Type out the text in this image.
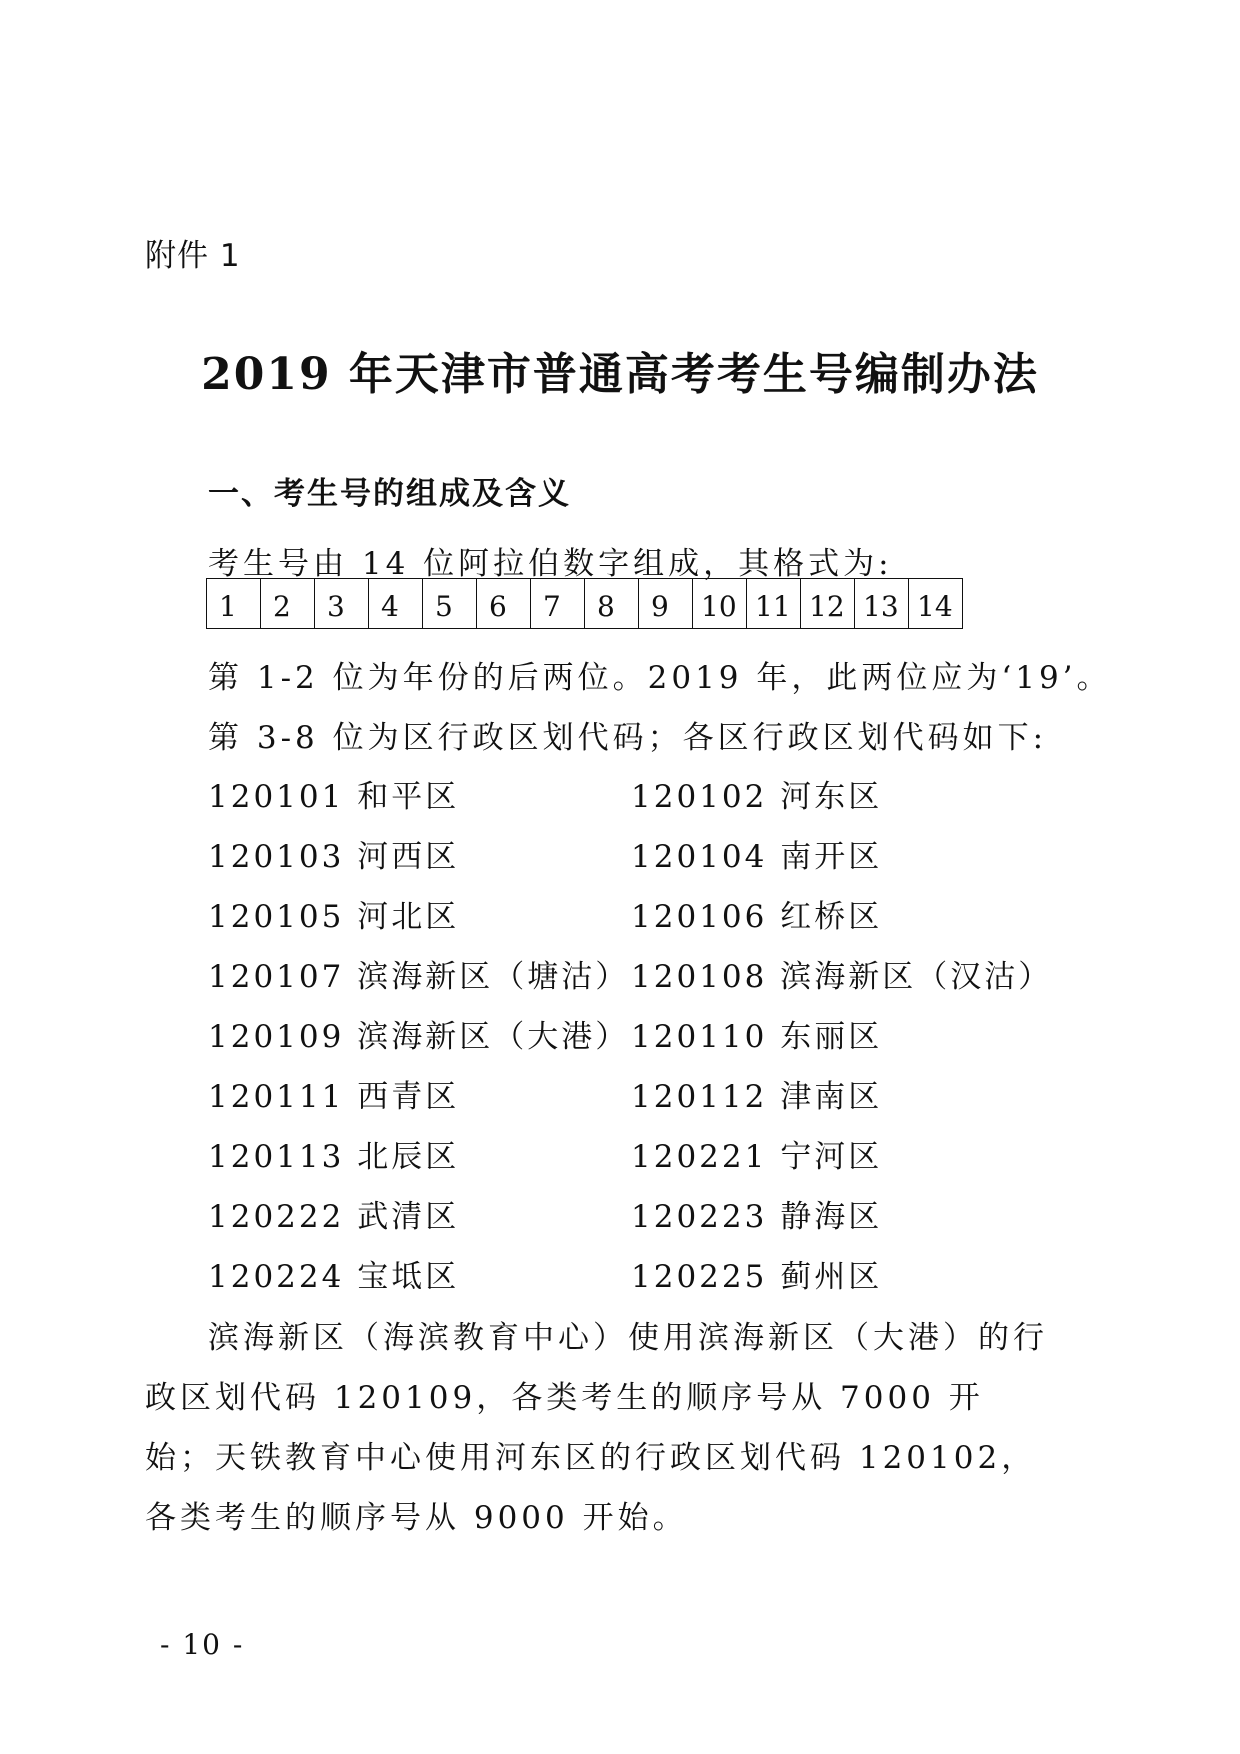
附件 1
2019 年天津市普通高考考生号编制办法
一、考生号的组成及含义
考生号由 14 位阿拉伯数字组成，其格式为:
1	2	3	4	5	6	7	8	9	10	11	12	13	14
第 1-2 位为年份的后两位。2019 年，此两位应为‘19’。
第 3-8 位为区行政区划代码；各区行政区划代码如下:
120101 和平区	120102 河东区
120103 河西区	120104 南开区
120105 河北区	120106 红桥区
120107 滨海新区（塘沽） 120108 滨海新区（汉沽）
120109 滨海新区（大港） 120110 东丽区
120111 西青区	120112 津南区
120113 北辰区	120221 宁河区
120222 武清区	120223 静海区
120224 宝坻区	120225 蓟州区

滨海新区（海滨教育中心）使用滨海新区（大港）的行政区划代码 120109，各类考生的顺序号从 7000 开始；天铁教育中心使用河东区的行政区划代码 120102，各类考生的顺序号从 9000 开始。

- 10 -
